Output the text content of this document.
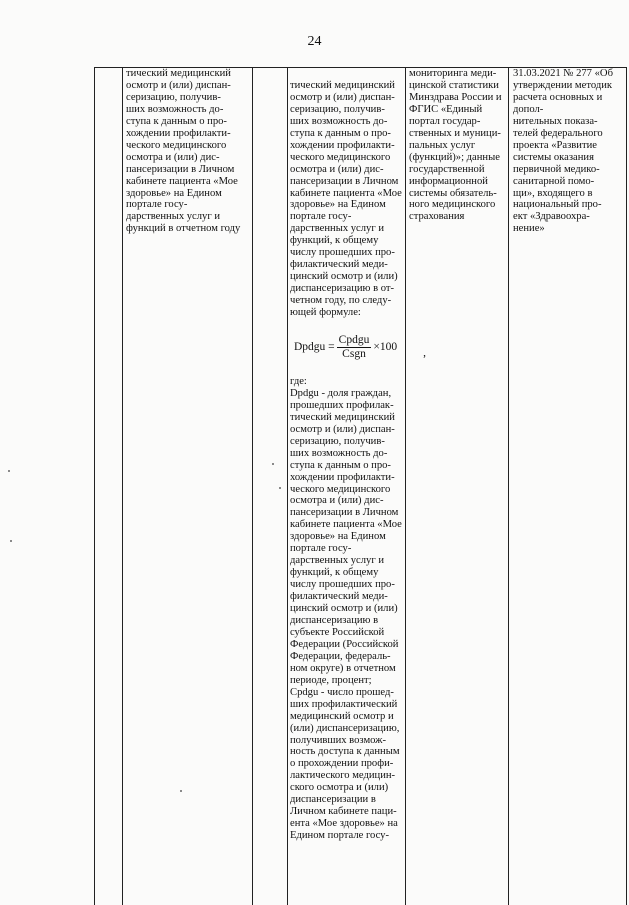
24
тический медицинский осмотр и (или) диспан-
серизацию, получив-
ших возможность до-
ступа к данным о про-
хождении профилакти-
ческого медицинского осмотра и (или) дис-
пансеризации в Личном кабинете пациента «Мое здоровье» на Едином портале госу-
дарственных услуг и функций в отчетном году

тический медицинский осмотр и (или) диспан-
серизацию, получив-
ших возможность до-
ступа к данным о про-
хождении профилакти-
ческого медицинского осмотра и (или) дис-
пансеризации в Личном кабинете пациента «Мое здоровье» на Едином портале госу-
дарственных услуг и функций, к общему числу прошедших про-
филактический меди-
цинский осмотр и (или) диспансеризацию в от-
четном году, по следу-
ющей формуле:

Dpdgu = $\frac{\text{Cpdgu}}{\text{Csgn}} \times 100$ ,

где:
Dpdgu - доля граждан, прошедших профилак-
тический медицинский осмотр и (или) диспан-
серизацию, получив-
ших возможность до-
ступа к данным о про-
хождении профилакти-
ческого медицинского осмотра и (или) дис-
пансеризации в Личном кабинете пациента «Мое здоровье» на Едином портале госу-
дарственных услуг и функций, к общему числу прошедших про-
филактический меди-
цинский осмотр и (или) диспансеризацию в субъекте Российской Федерации (Российской Федерации, федераль-
ном округе) в отчетном периоде, процент;
Cpdgu - число прошед-
ших профилактический медицинский осмотр и (или) диспансеризацию, получивших возмож-
ность доступа к данным о прохождении профи-
лактического медицин-
ского осмотра и (или) диспансеризации в Личном кабинете паци-
ента «Мое здоровье» на Едином портале госу-

мониторинга меди-
цинской статистики Минздрава России и ФГИС «Единый портал государ-
ственных и муници-
пальных услуг (функций)»; данные государственной информационной системы обязатель-
ного медицинского страхования
31.03.2021 № 277 «Об утверждении методик расчета основных и допол-
нительных показа-
телей федерального проекта «Развитие системы оказания первичной медико-
санитарной помо-
щи», входящего в национальный про-
ект «Здравоохра-
нение»
